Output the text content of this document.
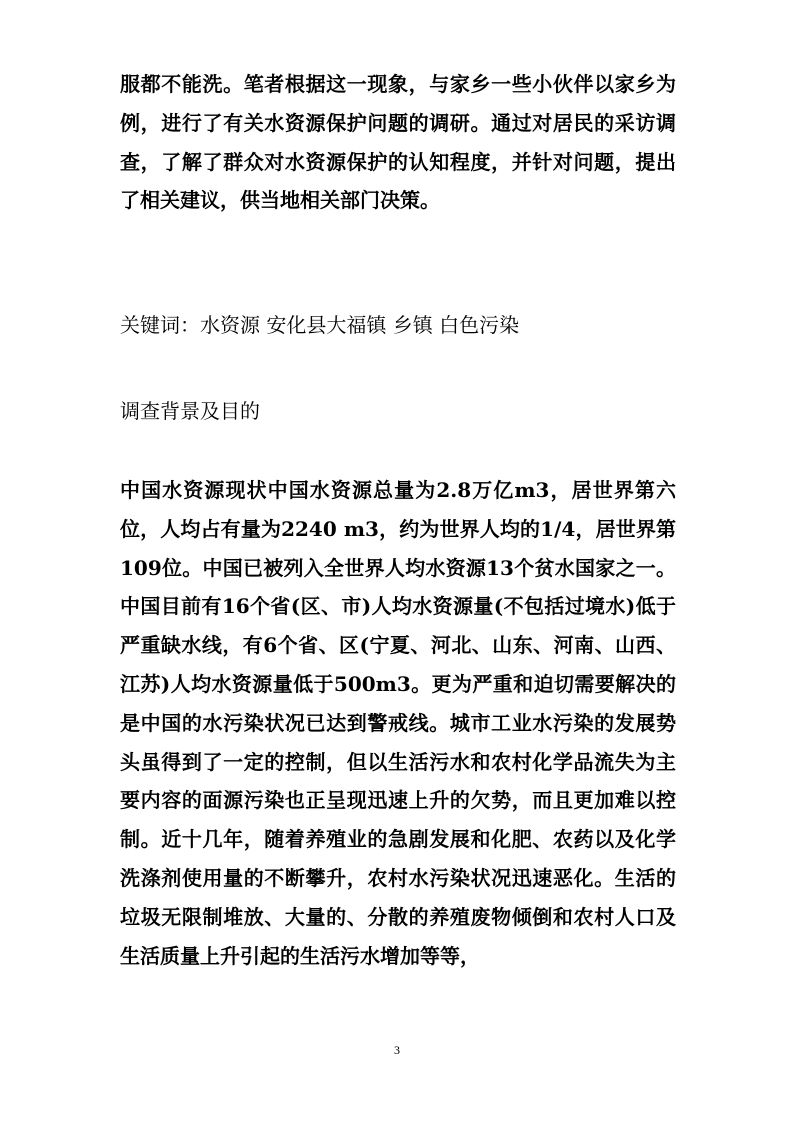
服都不能洗。笔者根据这一现象，与家乡一些小伙伴以家乡为例，进行了有关水资源保护问题的调研。通过对居民的采访调查，了解了群众对水资源保护的认知程度，并针对问题，提出了相关建议，供当地相关部门决策。

关键词：水资源 安化县大福镇 乡镇 白色污染

调查背景及目的

中国水资源现状中国水资源总量为2.8万亿m3，居世界第六位，人均占有量为2240 m3，约为世界人均的1/4，居世界第109位。中国已被列入全世界人均水资源13个贫水国家之一。中国目前有16个省(区、市)人均水资源量(不包括过境水)低于严重缺水线，有6个省、区(宁夏、河北、山东、河南、山西、江苏)人均水资源量低于500m3。更为严重和迫切需要解决的是中国的水污染状况已达到警戒线。城市工业水污染的发展势头虽得到了一定的控制，但以生活污水和农村化学品流失为主要内容的面源污染也正呈现迅速上升的欠势，而且更加难以控制。近十几年，随着养殖业的急剧发展和化肥、农药以及化学洗涤剂使用量的不断攀升，农村水污染状况迅速恶化。生活的垃圾无限制堆放、大量的、分散的养殖废物倾倒和农村人口及生活质量上升引起的生活污水增加等等，

3
